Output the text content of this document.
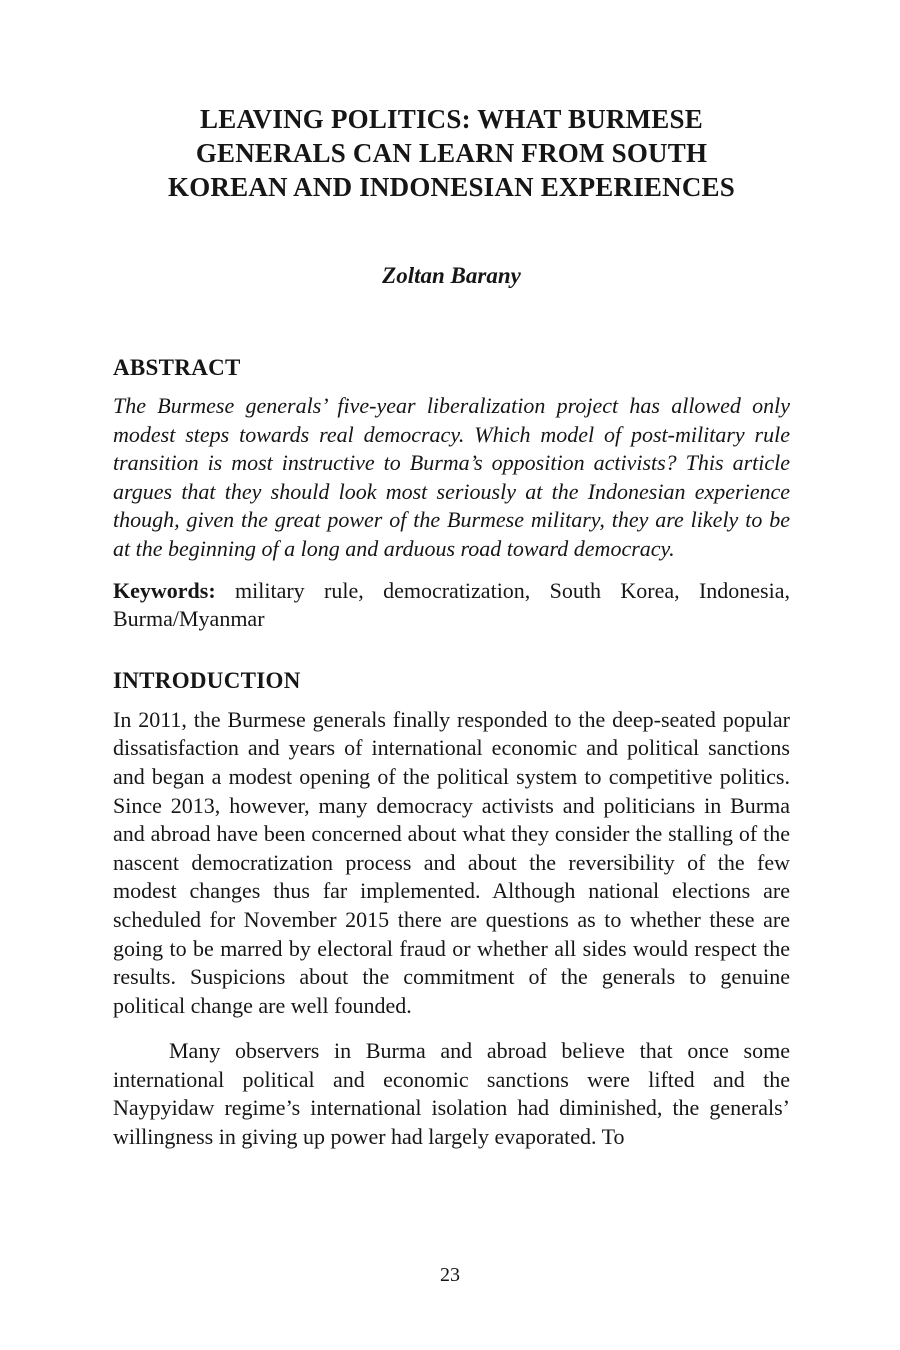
LEAVING POLITICS: WHAT BURMESE
GENERALS CAN LEARN FROM SOUTH
KOREAN AND INDONESIAN EXPERIENCES
Zoltan Barany
ABSTRACT
The Burmese generals’ five-year liberalization project has allowed only modest steps towards real democracy. Which model of post-military rule transition is most instructive to Burma’s opposition activists? This article argues that they should look most seriously at the Indonesian experience though, given the great power of the Burmese military, they are likely to be at the beginning of a long and arduous road toward democracy.
Keywords: military rule, democratization, South Korea, Indonesia, Burma/Myanmar
INTRODUCTION
In 2011, the Burmese generals finally responded to the deep-seated popular dissatisfaction and years of international economic and political sanctions and began a modest opening of the political system to competitive politics. Since 2013, however, many democracy activists and politicians in Burma and abroad have been concerned about what they consider the stalling of the nascent democratization process and about the reversibility of the few modest changes thus far implemented. Although national elections are scheduled for November 2015 there are questions as to whether these are going to be marred by electoral fraud or whether all sides would respect the results. Suspicions about the commitment of the generals to genuine political change are well founded.
Many observers in Burma and abroad believe that once some international political and economic sanctions were lifted and the Naypyidaw regime’s international isolation had diminished, the generals’ willingness in giving up power had largely evaporated. To
23
